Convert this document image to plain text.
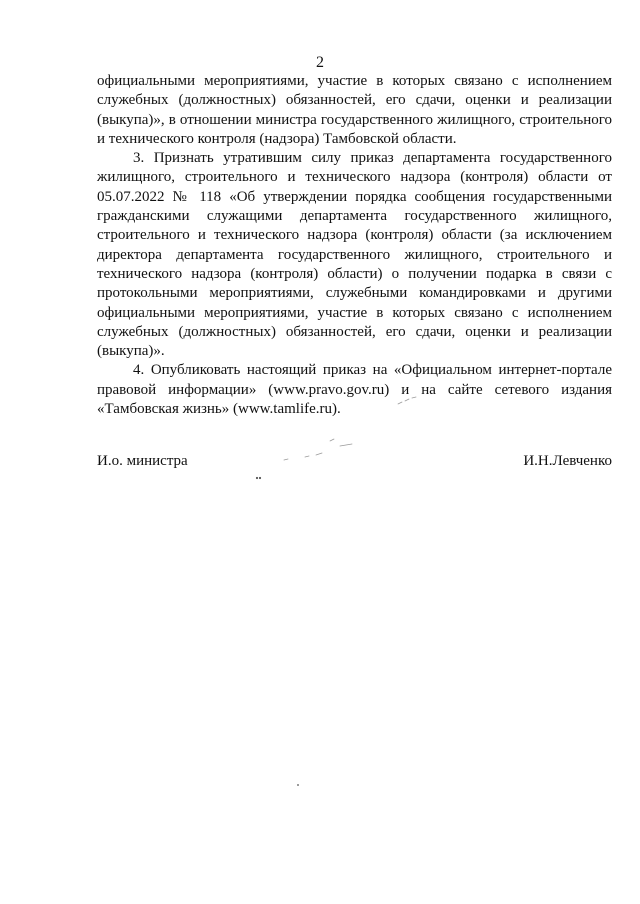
2

официальными мероприятиями, участие в которых связано с исполнением служебных (должностных) обязанностей, его сдачи, оценки и реализации (выкупа)», в отношении министра государственного жилищного, строительного и технического контроля (надзора) Тамбовской области.

3. Признать утратившим силу приказ департамента государственного жилищного, строительного и технического надзора (контроля) области от 05.07.2022 № 118 «Об утверждении порядка сообщения государственными гражданскими служащими департамента государственного жилищного, строительного и технического надзора (контроля) области (за исключением директора департамента государственного жилищного, строительного и технического надзора (контроля) области) о получении подарка в связи с протокольными мероприятиями, служебными командировками и другими официальными мероприятиями, участие в которых связано с исполнением служебных (должностных) обязанностей, его сдачи, оценки и реализации (выкупа)».

4. Опубликовать настоящий приказ на «Официальном интернет-портале правовой информации» (www.pravo.gov.ru) и на сайте сетевого издания «Тамбовская жизнь» (www.tamlife.ru).

И.о. министра	И.Н.Левченко
